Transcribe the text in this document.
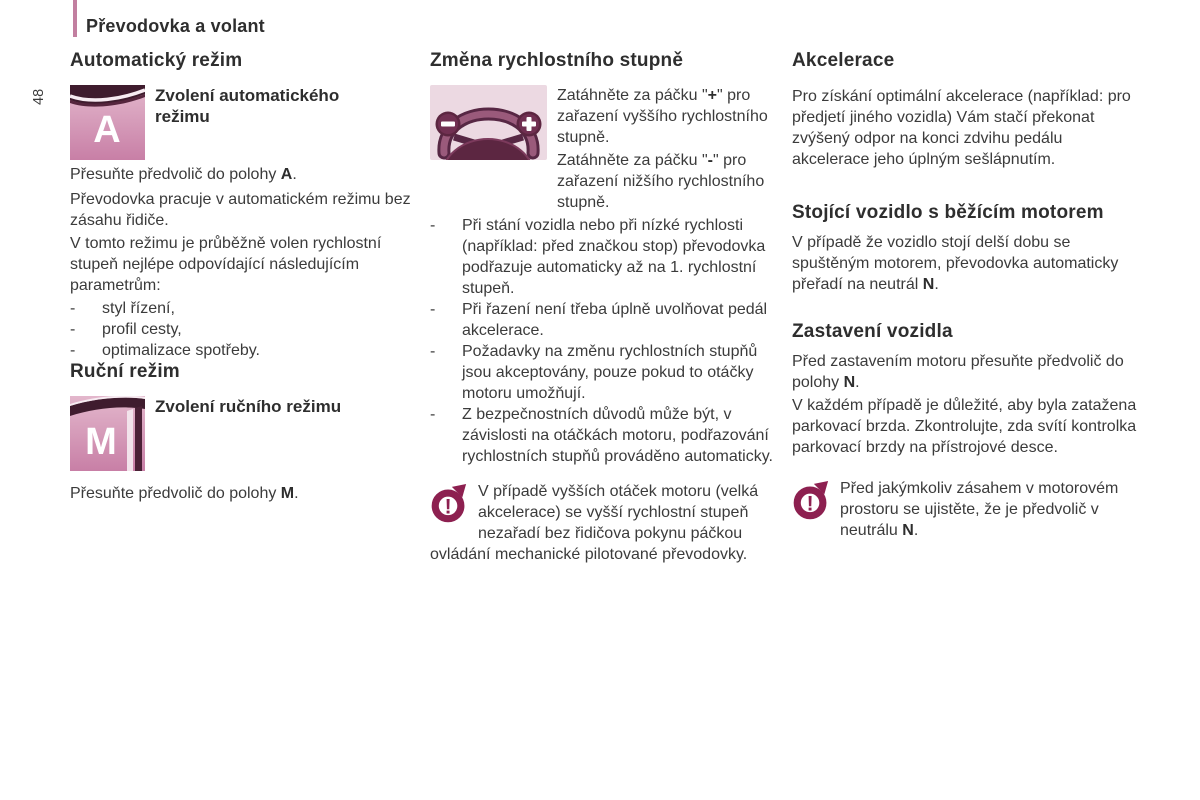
48
Převodovka a volant
Automatický režim
A
Zvolení automatického režimu

Přesuňte předvolič do polohy A.

Převodovka pracuje v automatickém režimu bez zásahu řidiče.

V tomto režimu je průběžně volen rychlostní stupeň nejlépe odpovídající následujícím parametrům:

-	styl řízení,
-	profil cesty,
-	optimalizace spotřeby.
Ruční režim
M
Zvolení ručního režimu

Přesuňte předvolič do polohy M.

Změna rychlostního stupně

Zatáhněte za páčku "+" pro zařazení vyššího rychlostního stupně.

Zatáhněte za páčku "-" pro zařazení nižšího rychlostního stupně.

-	Při stání vozidla nebo při nízké rychlosti (například: před značkou stop) převodovka podřazuje automaticky až na 1. rychlostní stupeň.
-	Při řazení není třeba úplně uvolňovat pedál akcelerace.
-	Požadavky na změnu rychlostních stupňů jsou akceptovány, pouze pokud to otáčky motoru umožňují.
-	Z bezpečnostních důvodů může být, v závislosti na otáčkách motoru, podřazování rychlostních stupňů prováděno automaticky.
!
V případě vyšších otáček motoru (velká akcelerace) se vyšší rychlostní stupeň nezařadí bez řidičova pokynu páčkou ovládání mechanické pilotované převodovky.
Akcelerace

Pro získání optimální akcelerace (například: pro předjetí jiného vozidla) Vám stačí překonat zvýšený odpor na konci zdvihu pedálu akcelerace jeho úplným sešlápnutím.

Stojící vozidlo s běžícím motorem

V případě že vozidlo stojí delší dobu se spuštěným motorem, převodovka automaticky přeřadí na neutrál N.

Zastavení vozidla

Před zastavením motoru přesuňte předvolič do polohy N.

V každém případě je důležité, aby byla zatažena parkovací brzda. Zkontrolujte, zda svítí kontrolka parkovací brzdy na přístrojové desce.

!
Před jakýmkoliv zásahem v motorovém prostoru se ujistěte, že je předvolič v neutrálu N.
